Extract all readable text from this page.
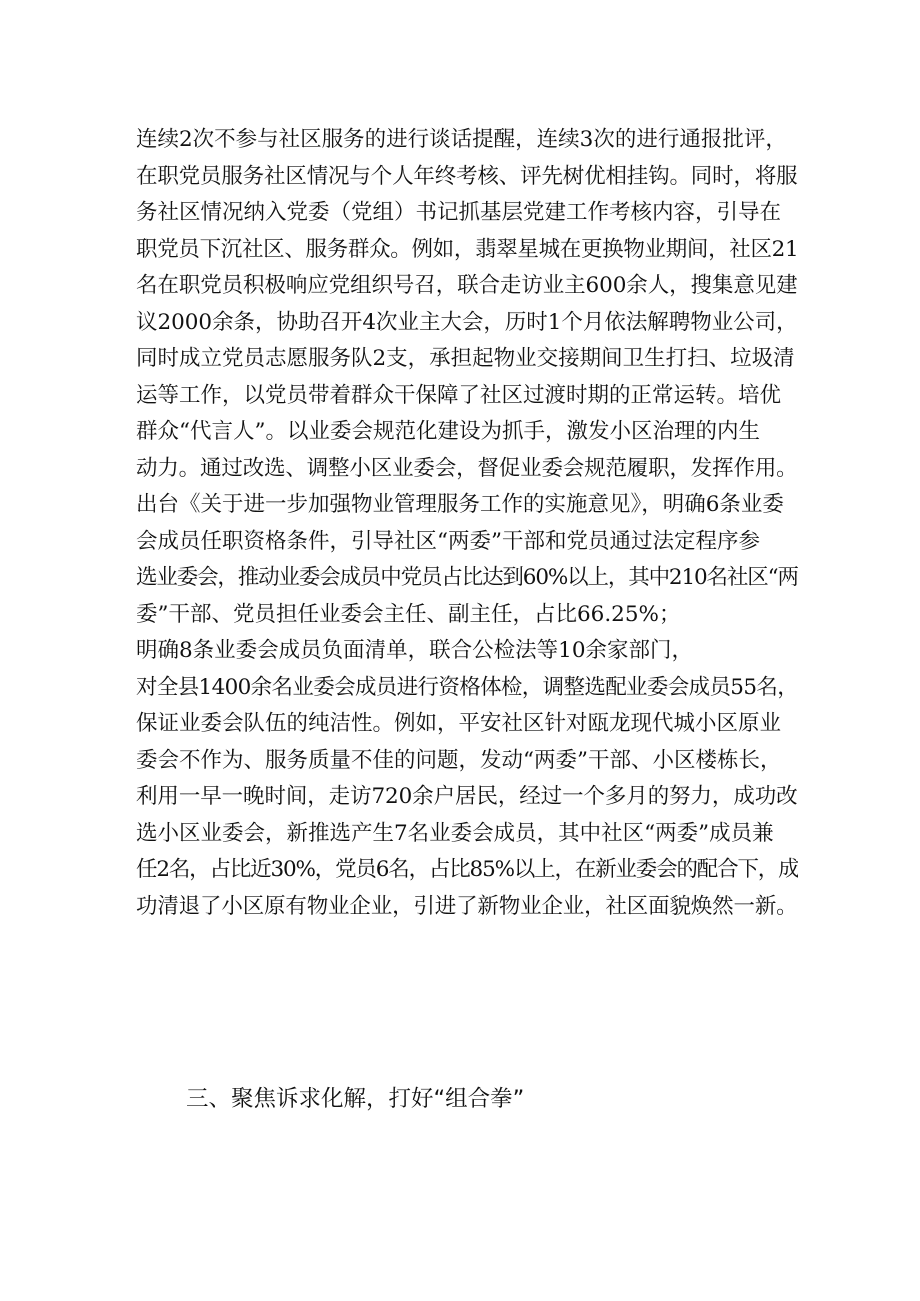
连续2次不参与社区服务的进行谈话提醒，连续3次的进行通报批评，
在职党员服务社区情况与个人年终考核、评先树优相挂钩。同时，将服
务社区情况纳入党委（党组）书记抓基层党建工作考核内容，引导在
职党员下沉社区、服务群众。例如，翡翠星城在更换物业期间，社区21
名在职党员积极响应党组织号召，联合走访业主600余人，搜集意见建
议2000余条，协助召开4次业主大会，历时1个月依法解聘物业公司，
同时成立党员志愿服务队2支，承担起物业交接期间卫生打扫、垃圾清
运等工作，以党员带着群众干保障了社区过渡时期的正常运转。培优
群众“代言人”。以业委会规范化建设为抓手，激发小区治理的内生
动力。通过改选、调整小区业委会，督促业委会规范履职，发挥作用。
出台《关于进一步加强物业管理服务工作的实施意见》，明确6条业委
会成员任职资格条件，引导社区“两委”干部和党员通过法定程序参
选业委会，推动业委会成员中党员占比达到60%以上，其中210名社区“两
委”干部、党员担任业委会主任、副主任，占比66.25%；
明确8条业委会成员负面清单，联合公检法等10余家部门，
对全县1400余名业委会成员进行资格体检，调整选配业委会成员55名，
保证业委会队伍的纯洁性。例如，平安社区针对瓯龙现代城小区原业
委会不作为、服务质量不佳的问题，发动“两委”干部、小区楼栋长，
利用一早一晚时间，走访720余户居民，经过一个多月的努力，成功改
选小区业委会，新推选产生7名业委会成员，其中社区“两委”成员兼
任2名，占比近30%，党员6名，占比85%以上，在新业委会的配合下，成
功清退了小区原有物业企业，引进了新物业企业，社区面貌焕然一新。
三、聚焦诉求化解，打好“组合拳”
